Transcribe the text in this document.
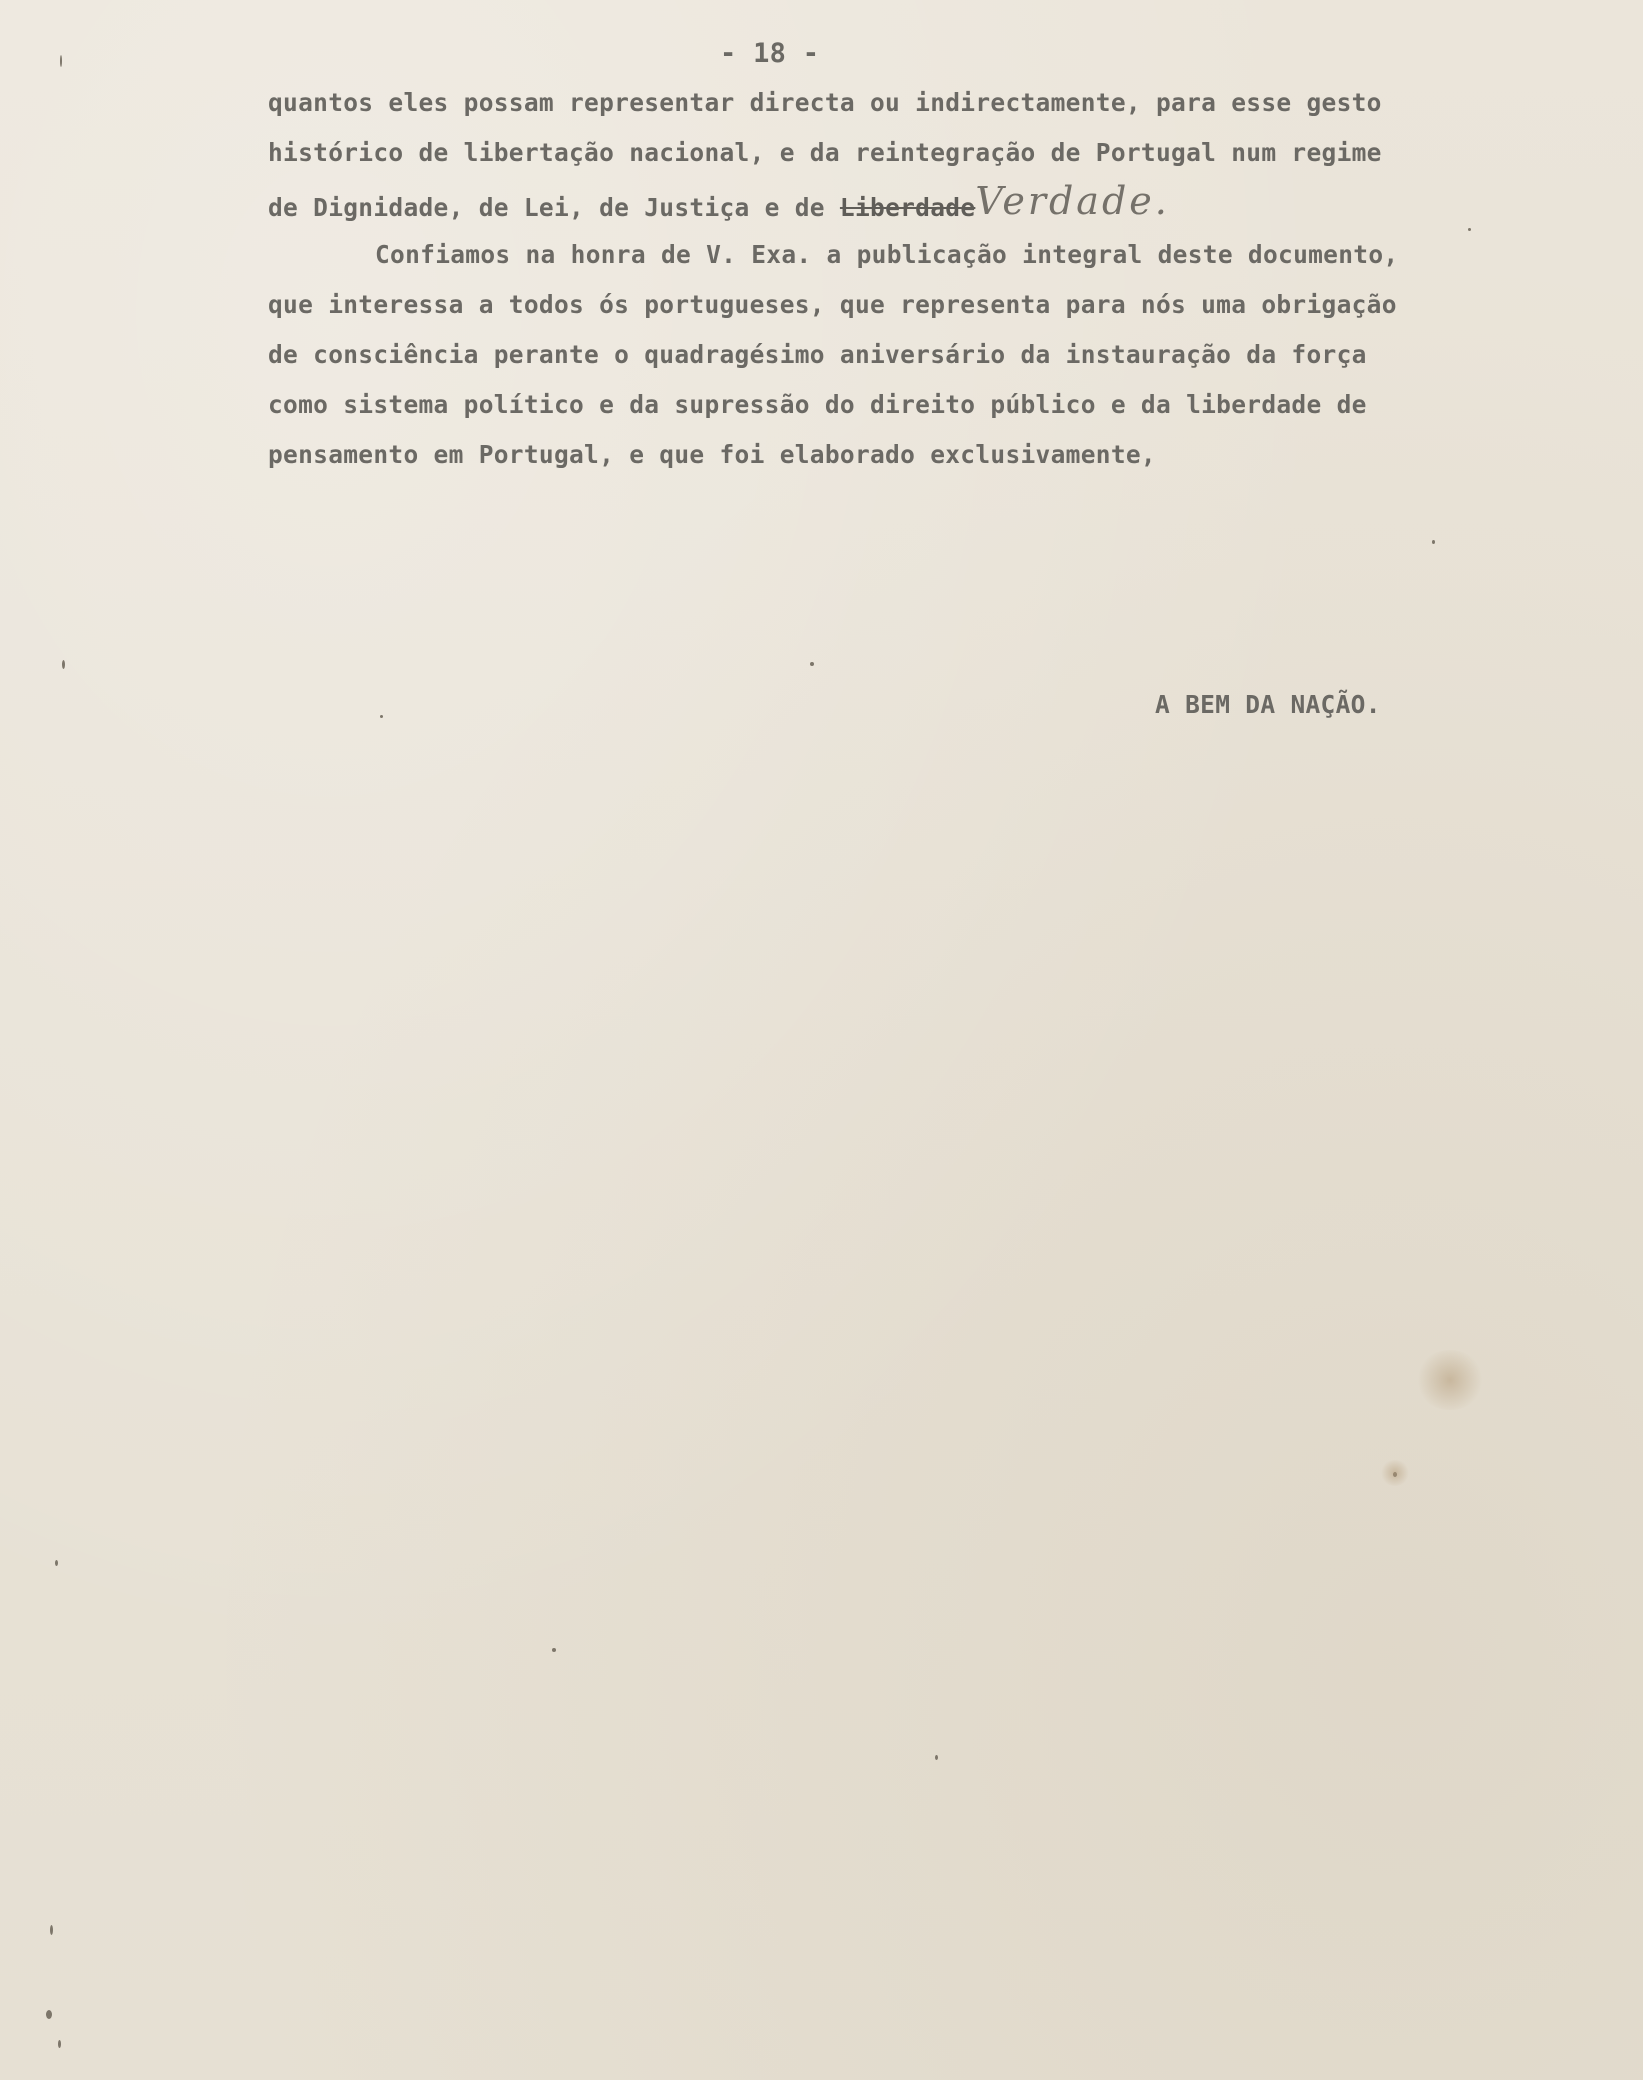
- 18 -
quantos eles possam representar directa ou indirectamente, para esse gesto
histórico de libertação nacional, e da reintegração de Portugal num regime
de Dignidade, de Lei, de Justiça e de LiberdadeVerdade.
Confiamos na honra de V. Exa. a publicação integral deste documento,
que interessa a todos ós portugueses, que representa para nós uma obrigação
de consciência perante o quadragésimo aniversário da instauração da força
como sistema político e da supressão do direito público e da liberdade de
pensamento em Portugal, e que foi elaborado exclusivamente,
A BEM DA NAÇÃO.
